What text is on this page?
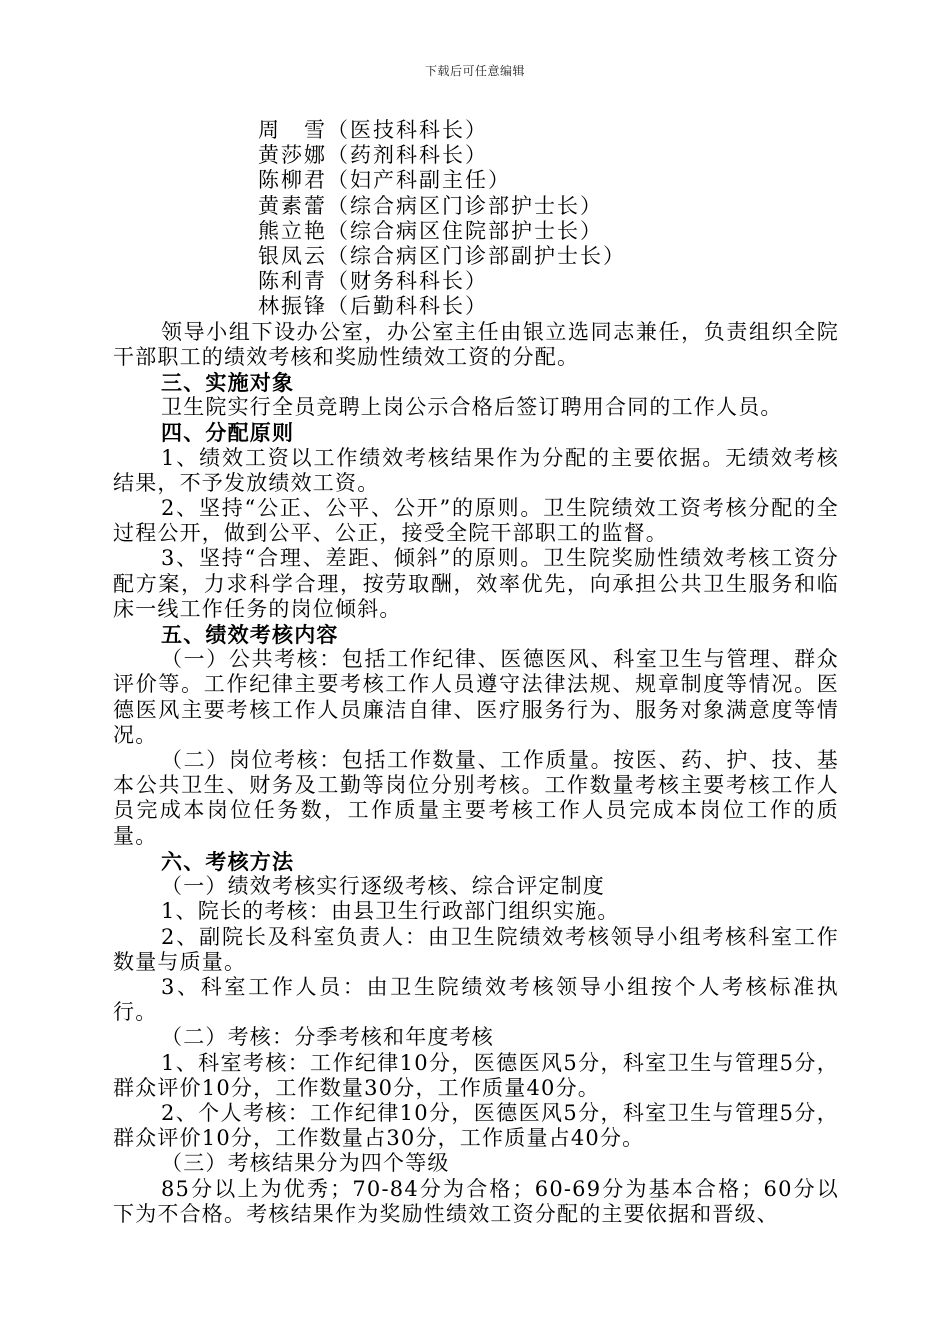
下载后可任意编辑

周　雪（医技科科长）

黄莎娜（药剂科科长）

陈柳君（妇产科副主任）

黄素蕾（综合病区门诊部护士长）

熊立艳（综合病区住院部护士长）

银凤云（综合病区门诊部副护士长）

陈利青（财务科科长）

林振锋（后勤科科长）

领导小组下设办公室，办公室主任由银立选同志兼任，负责组织全院干部职工的绩效考核和奖励性绩效工资的分配。

三、实施对象

卫生院实行全员竞聘上岗公示合格后签订聘用合同的工作人员。

四、分配原则

1、绩效工资以工作绩效考核结果作为分配的主要依据。无绩效考核结果，不予发放绩效工资。

2、坚持“公正、公平、公开”的原则。卫生院绩效工资考核分配的全过程公开，做到公平、公正，接受全院干部职工的监督。

3、坚持“合理、差距、倾斜”的原则。卫生院奖励性绩效考核工资分配方案，力求科学合理，按劳取酬，效率优先，向承担公共卫生服务和临床一线工作任务的岗位倾斜。

五、绩效考核内容

（一）公共考核：包括工作纪律、医德医风、科室卫生与管理、群众评价等。工作纪律主要考核工作人员遵守法律法规、规章制度等情况。医德医风主要考核工作人员廉洁自律、医疗服务行为、服务对象满意度等情况。

（二）岗位考核：包括工作数量、工作质量。按医、药、护、技、基本公共卫生、财务及工勤等岗位分别考核。工作数量考核主要考核工作人员完成本岗位任务数，工作质量主要考核工作人员完成本岗位工作的质量。

六、考核方法

（一）绩效考核实行逐级考核、综合评定制度

1、院长的考核：由县卫生行政部门组织实施。

2、副院长及科室负责人：由卫生院绩效考核领导小组考核科室工作数量与质量。

3、科室工作人员：由卫生院绩效考核领导小组按个人考核标准执行。

（二）考核：分季考核和年度考核

1、科室考核：工作纪律10分，医德医风5分，科室卫生与管理5分，群众评价10分，工作数量30分，工作质量40分。

2、个人考核：工作纪律10分，医德医风5分，科室卫生与管理5分，群众评价10分，工作数量占30分，工作质量占40分。

（三）考核结果分为四个等级

85分以上为优秀；70-84分为合格；60-69分为基本合格；60分以下为不合格。考核结果作为奖励性绩效工资分配的主要依据和晋级、
